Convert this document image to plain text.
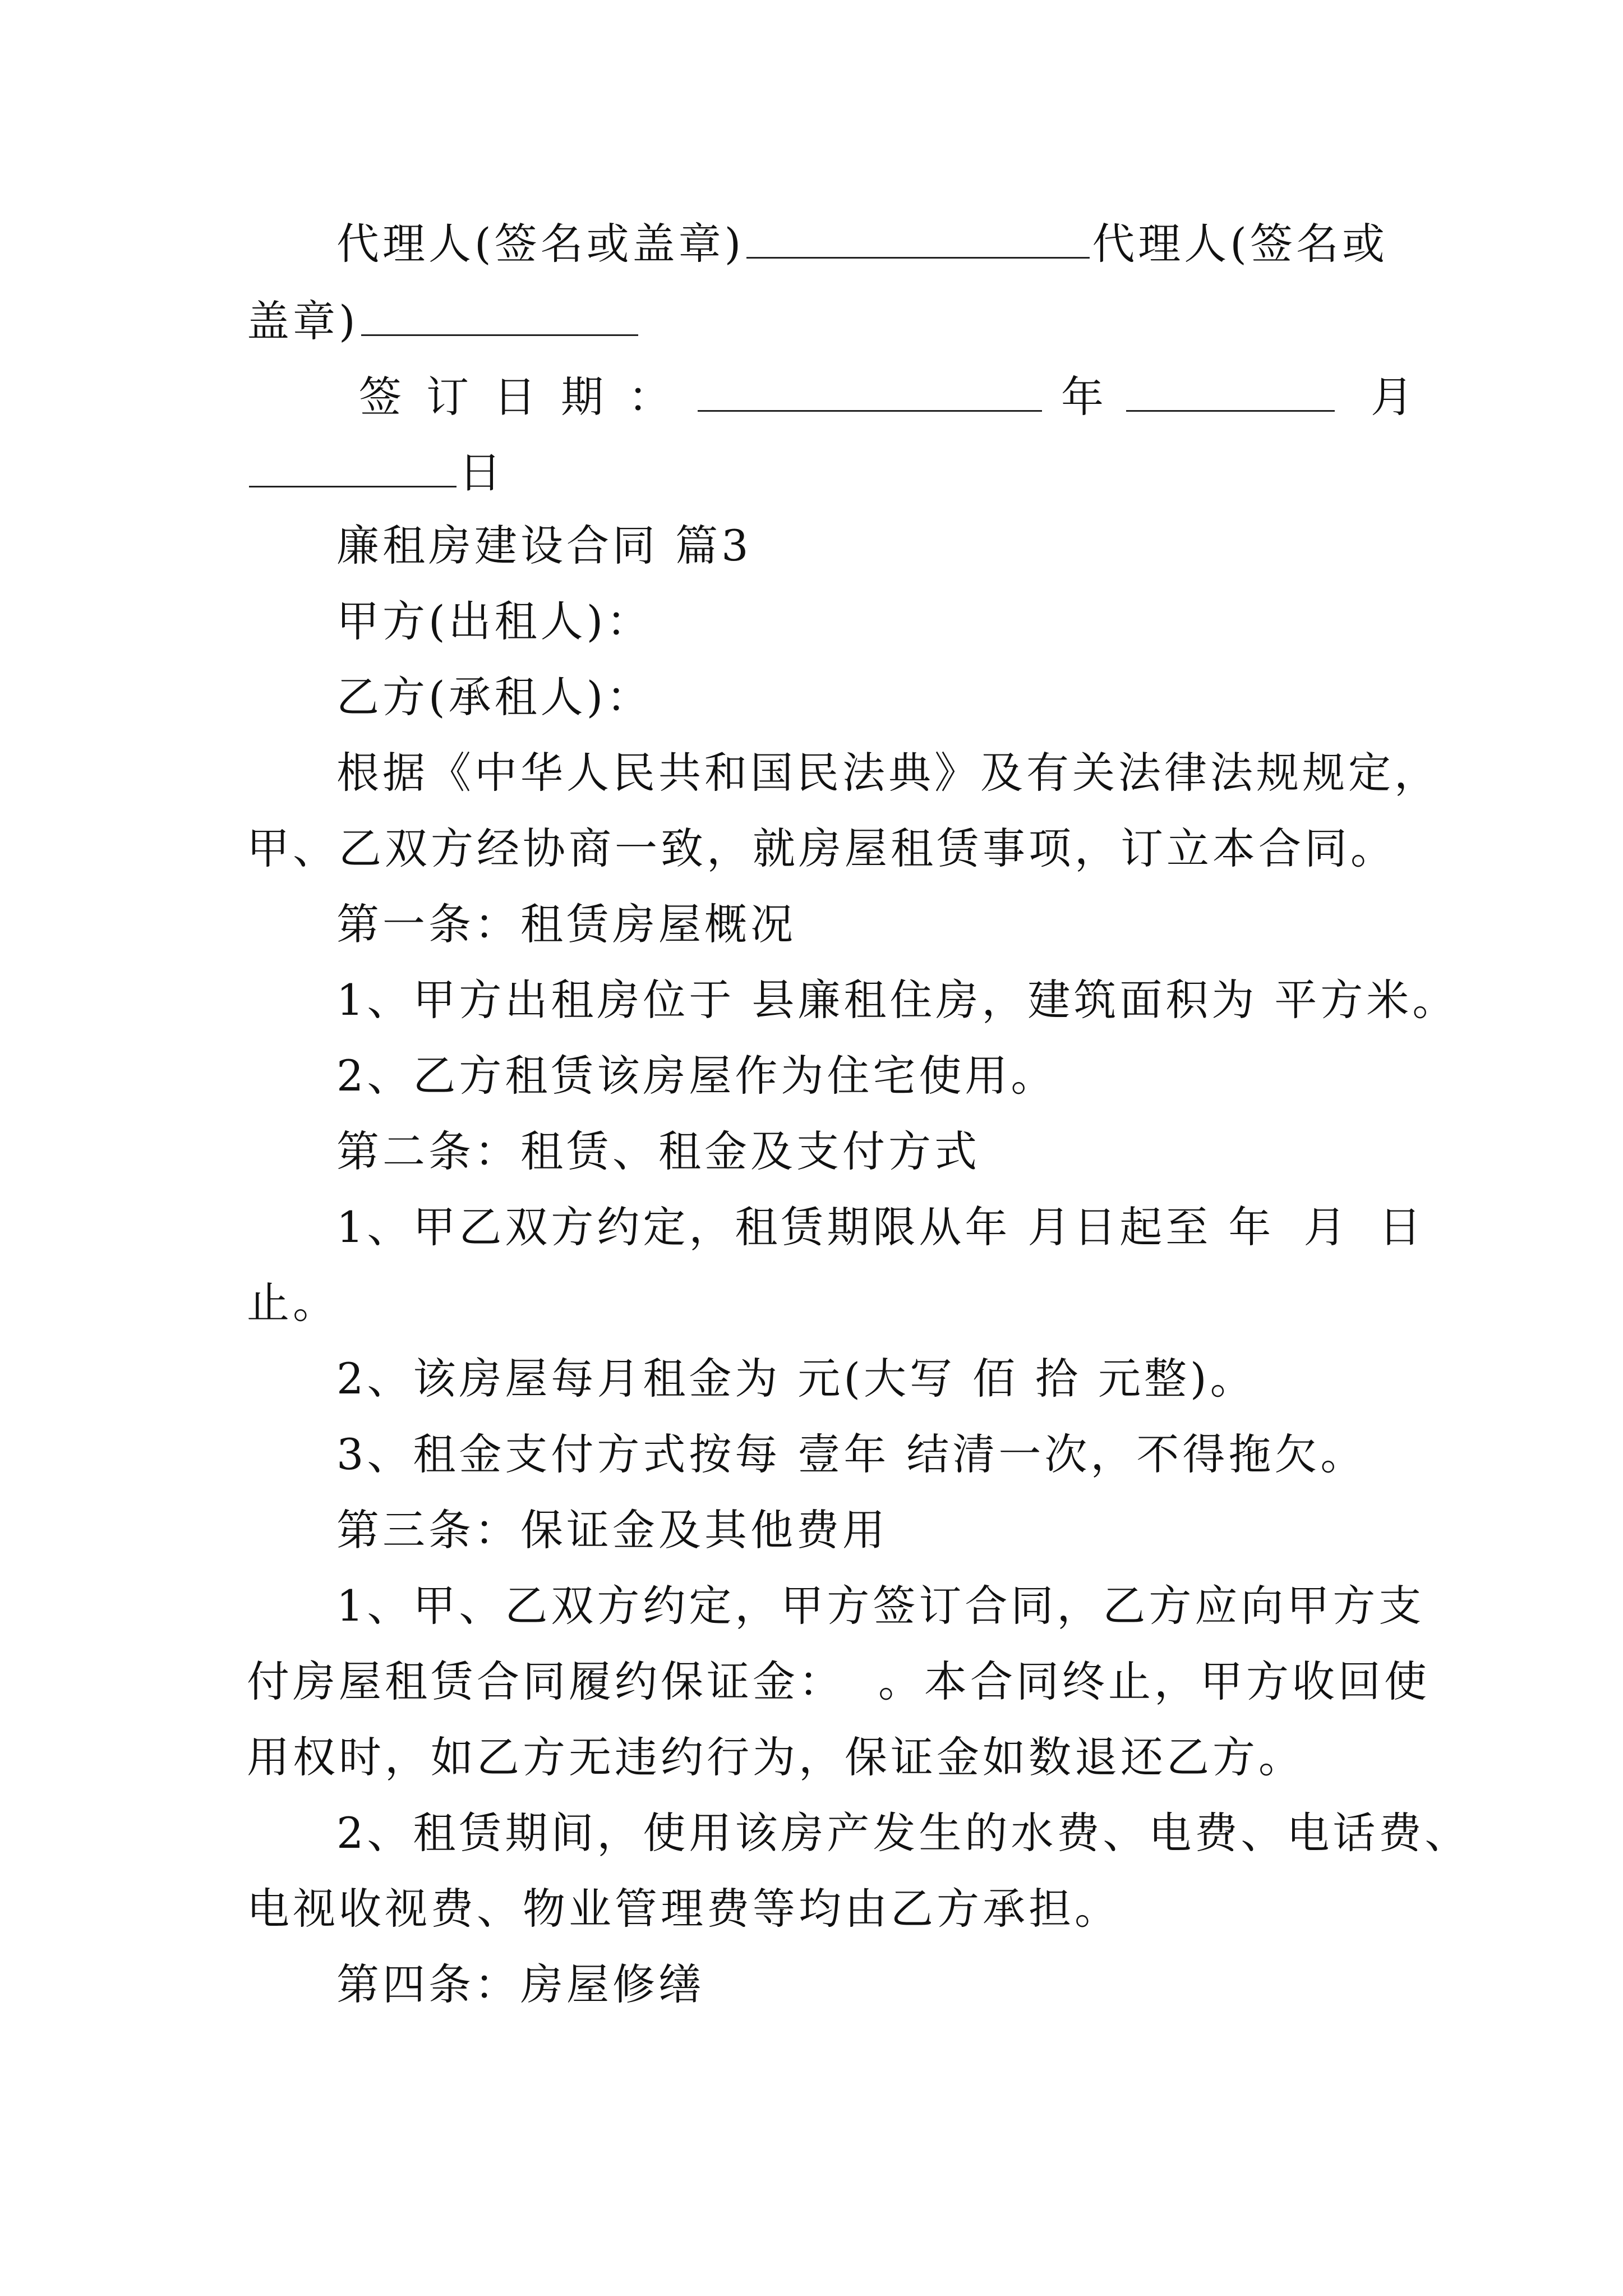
代理人(签名或盖章)	代理人(签名或
盖章)
签订日期：	年	月
日
廉租房建设合同 篇3
甲方(出租人)：
乙方(承租人)：
根据《中华人民共和国民法典》及有关法律法规规定，
甲、乙双方经协商一致，就房屋租赁事项，订立本合同。
第一条：租赁房屋概况
1、甲方出租房位于 县廉租住房，建筑面积为 平方米。
2、乙方租赁该房屋作为住宅使用。
第二条：租赁、租金及支付方式
1、甲乙双方约定，租赁期限从年 月日起至 年 月 日
止。
2、该房屋每月租金为 元(大写 佰 拾 元整)。
3、租金支付方式按每 壹年 结清一次，不得拖欠。
第三条：保证金及其他费用
1、甲、乙双方约定，甲方签订合同，乙方应向甲方支
付房屋租赁合同履约保证金： 。本合同终止，甲方收回使
用权时，如乙方无违约行为，保证金如数退还乙方。
2、租赁期间，使用该房产发生的水费、电费、电话费、
电视收视费、物业管理费等均由乙方承担。
第四条：房屋修缮
